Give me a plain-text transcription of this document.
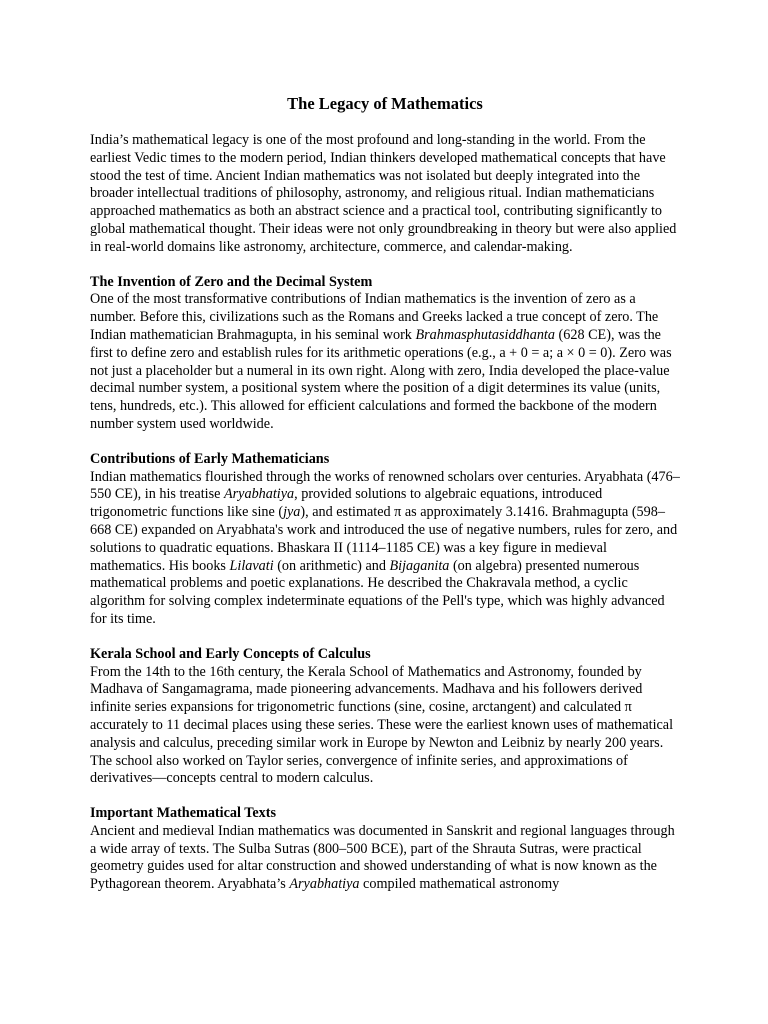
The Legacy of Mathematics
India’s mathematical legacy is one of the most profound and long-standing in the world. From the earliest Vedic times to the modern period, Indian thinkers developed mathematical concepts that have stood the test of time. Ancient Indian mathematics was not isolated but deeply integrated into the broader intellectual traditions of philosophy, astronomy, and religious ritual. Indian mathematicians approached mathematics as both an abstract science and a practical tool, contributing significantly to global mathematical thought. Their ideas were not only groundbreaking in theory but were also applied in real-world domains like astronomy, architecture, commerce, and calendar-making.
The Invention of Zero and the Decimal System
One of the most transformative contributions of Indian mathematics is the invention of zero as a number. Before this, civilizations such as the Romans and Greeks lacked a true concept of zero. The Indian mathematician Brahmagupta, in his seminal work Brahmasphutasiddhanta (628 CE), was the first to define zero and establish rules for its arithmetic operations (e.g., a + 0 = a; a × 0 = 0). Zero was not just a placeholder but a numeral in its own right. Along with zero, India developed the place-value decimal number system, a positional system where the position of a digit determines its value (units, tens, hundreds, etc.). This allowed for efficient calculations and formed the backbone of the modern number system used worldwide.
Contributions of Early Mathematicians
Indian mathematics flourished through the works of renowned scholars over centuries. Aryabhata (476–550 CE), in his treatise Aryabhatiya, provided solutions to algebraic equations, introduced trigonometric functions like sine (jya), and estimated π as approximately 3.1416. Brahmagupta (598–668 CE) expanded on Aryabhata's work and introduced the use of negative numbers, rules for zero, and solutions to quadratic equations. Bhaskara II (1114–1185 CE) was a key figure in medieval mathematics. His books Lilavati (on arithmetic) and Bijaganita (on algebra) presented numerous mathematical problems and poetic explanations. He described the Chakravala method, a cyclic algorithm for solving complex indeterminate equations of the Pell's type, which was highly advanced for its time.
Kerala School and Early Concepts of Calculus
From the 14th to the 16th century, the Kerala School of Mathematics and Astronomy, founded by Madhava of Sangamagrama, made pioneering advancements. Madhava and his followers derived infinite series expansions for trigonometric functions (sine, cosine, arctangent) and calculated π accurately to 11 decimal places using these series. These were the earliest known uses of mathematical analysis and calculus, preceding similar work in Europe by Newton and Leibniz by nearly 200 years. The school also worked on Taylor series, convergence of infinite series, and approximations of derivatives—concepts central to modern calculus.
Important Mathematical Texts
Ancient and medieval Indian mathematics was documented in Sanskrit and regional languages through a wide array of texts. The Sulba Sutras (800–500 BCE), part of the Shrauta Sutras, were practical geometry guides used for altar construction and showed understanding of what is now known as the Pythagorean theorem. Aryabhata’s Aryabhatiya compiled mathematical astronomy
